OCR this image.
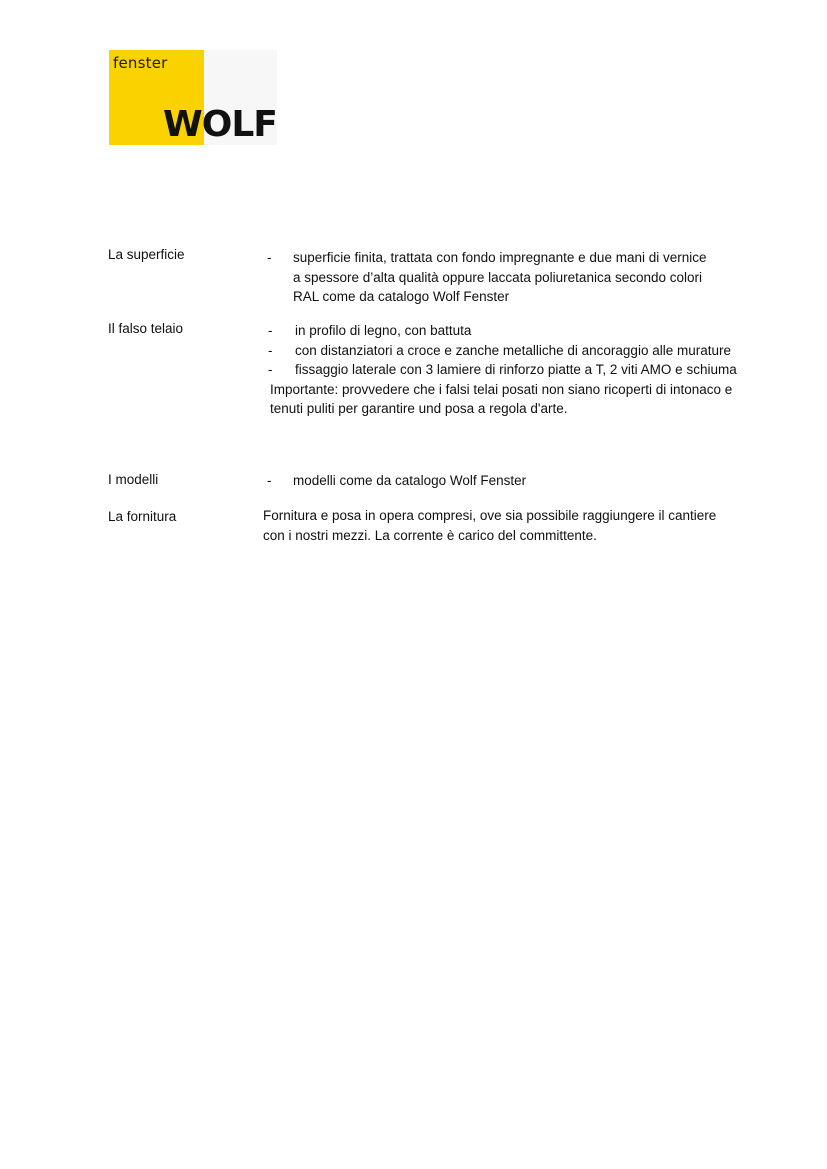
fenster
WOLF
La superficie	- superficie finita, trattata con fondo impregnante e due mani di vernice
a spessore d’alta qualità oppure laccata poliuretanica secondo colori
RAL come da catalogo Wolf Fenster
Il falso telaio	- in profilo di legno, con battuta
- con distanziatori a croce e zanche metalliche di ancoraggio alle murature
- fissaggio laterale con 3 lamiere di rinforzo piatte a T, 2 viti AMO e schiuma
Importante: provvedere che i falsi telai posati non siano ricoperti di intonaco e tenuti puliti per garantire und posa a regola d'arte.
I modelli	- modelli come da catalogo Wolf Fenster
La fornitura	Fornitura e posa in opera compresi, ove sia possibile raggiungere il cantiere con i nostri mezzi. La corrente è carico del committente.
